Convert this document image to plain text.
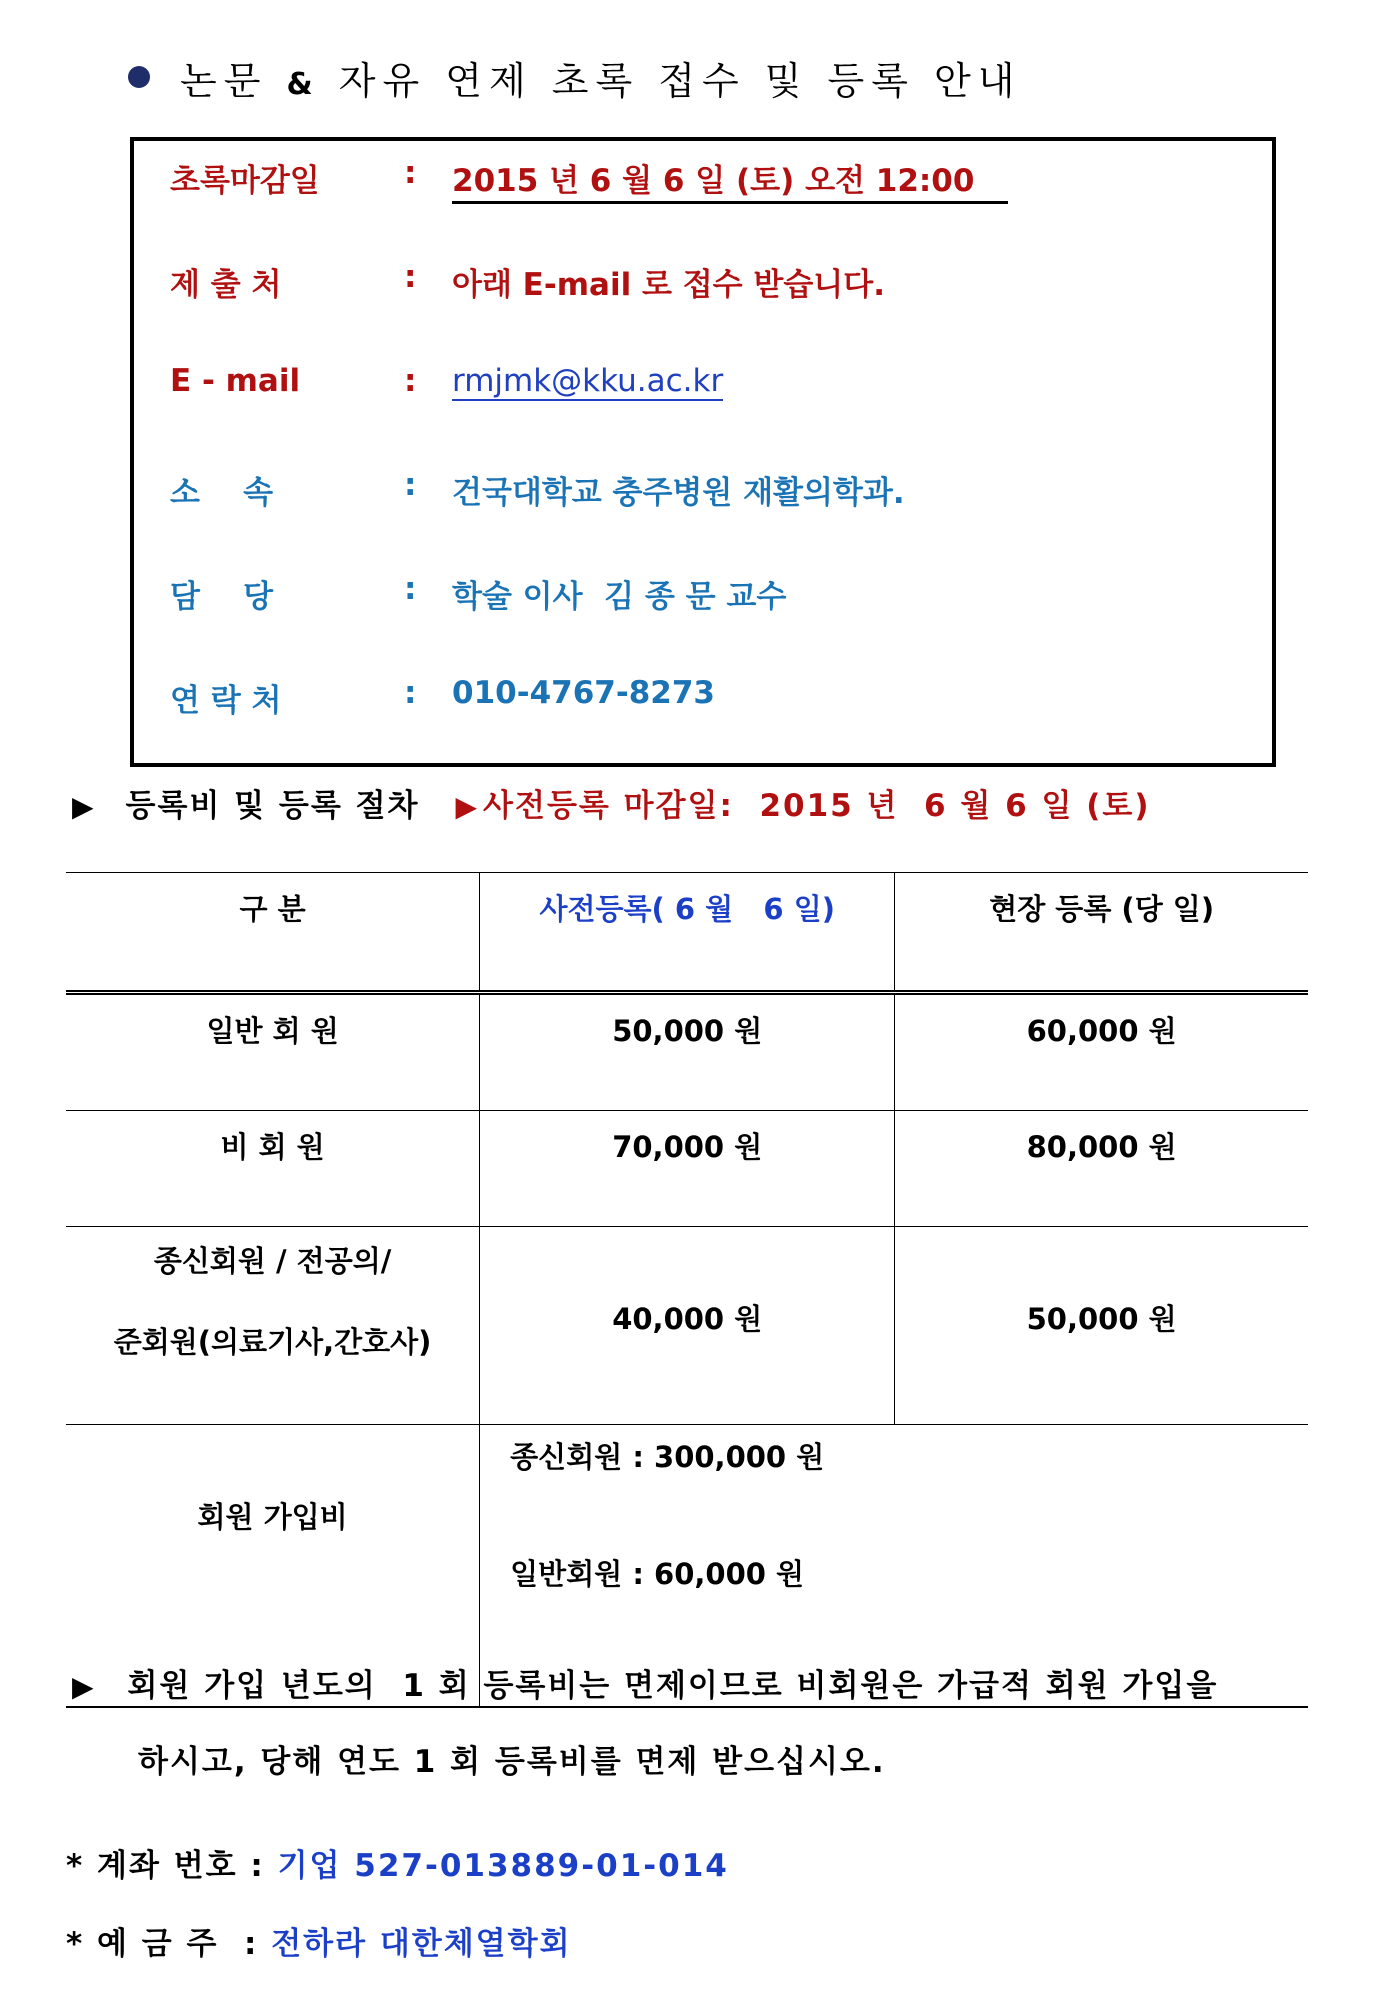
논문 & 자유 연제 초록 접수 및 등록 안내
초록마감일	: 2015 년 6 월 6 일 (토) 오전 12:00
제 출 처	: 아래 E-mail 로 접수 받습니다.
E - mail	: rmjmk@kku.ac.kr
소    속	: 건국대학교 충주병원 재활의학과.
담    당	: 학술 이사  김 종 문 교수
연 락 처	: 010-4767-8273
▶ 등록비 및 등록 절차 ▶ 사전등록 마감일:  2015 년  6 월 6 일 (토)
구 분	사전등록( 6 월   6 일)	현장 등록 (당 일)
일반 회 원	50,000 원	60,000 원
비 회 원	70,000 원	80,000 원

종신회원 / 전공의/
준회원(의료기사,간호사)	40,000 원	50,000 원
회원 가입비	종신회원 : 300,000 원
일반회원 : 60,000 원	
▶ 회원 가입 년도의  1 회 등록비는 면제이므로 비회원은 가급적 회원 가입을
하시고, 당해 연도 1 회 등록비를 면제 받으십시오.
* 계좌 번호 : 기업 527-013889-01-014
* 예 금 주  : 전하라 대한체열학회
